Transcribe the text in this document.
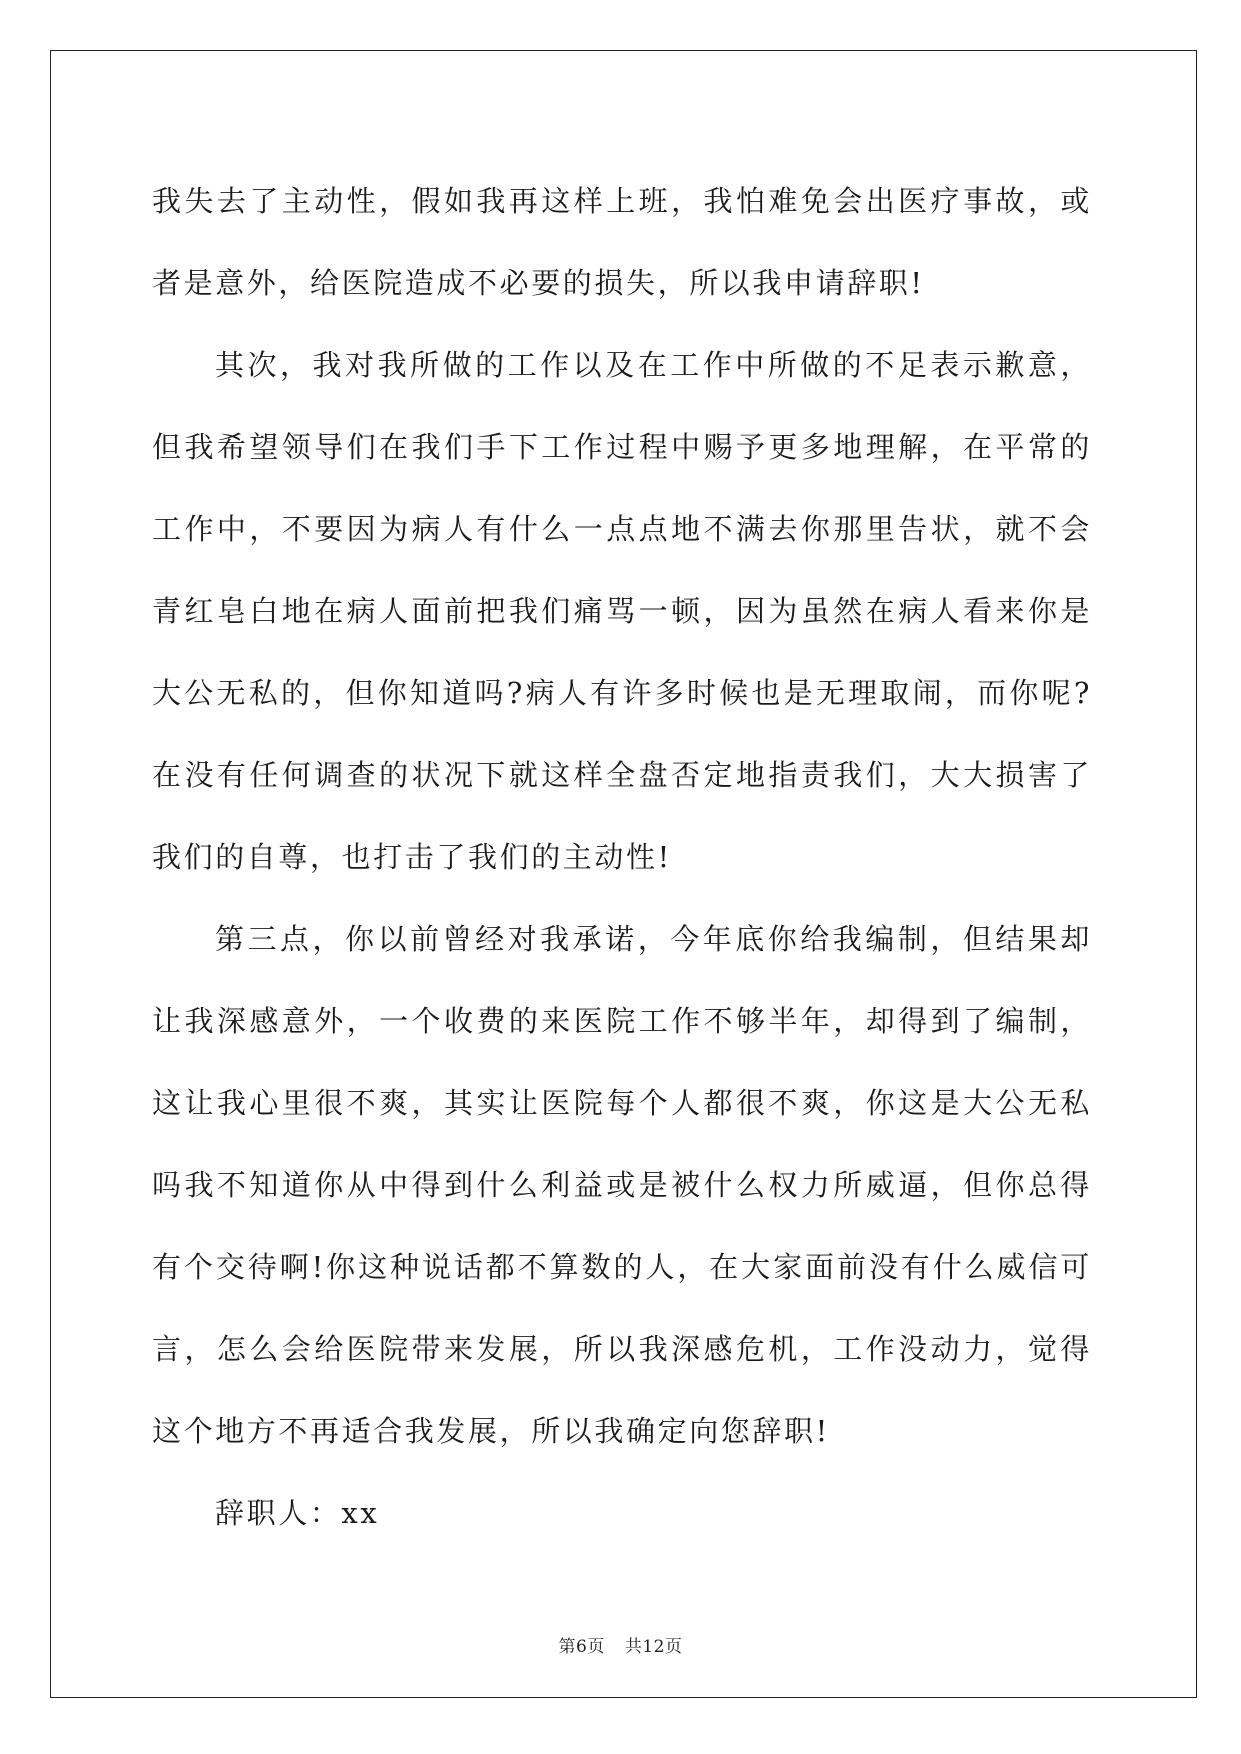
我失去了主动性，假如我再这样上班，我怕难免会出医疗事故，或者是意外，给医院造成不必要的损失，所以我申请辞职!

其次，我对我所做的工作以及在工作中所做的不足表示歉意，但我希望领导们在我们手下工作过程中赐予更多地理解，在平常的工作中，不要因为病人有什么一点点地不满去你那里告状，就不会青红皂白地在病人面前把我们痛骂一顿，因为虽然在病人看来你是大公无私的，但你知道吗?病人有许多时候也是无理取闹，而你呢?在没有任何调查的状况下就这样全盘否定地指责我们，大大损害了我们的自尊，也打击了我们的主动性!

第三点，你以前曾经对我承诺，今年底你给我编制，但结果却让我深感意外，一个收费的来医院工作不够半年，却得到了编制，这让我心里很不爽，其实让医院每个人都很不爽，你这是大公无私吗我不知道你从中得到什么利益或是被什么权力所威逼，但你总得有个交待啊!你这种说话都不算数的人，在大家面前没有什么威信可言，怎么会给医院带来发展，所以我深感危机，工作没动力，觉得这个地方不再适合我发展，所以我确定向您辞职!

辞职人：xx

第6页 共12页
